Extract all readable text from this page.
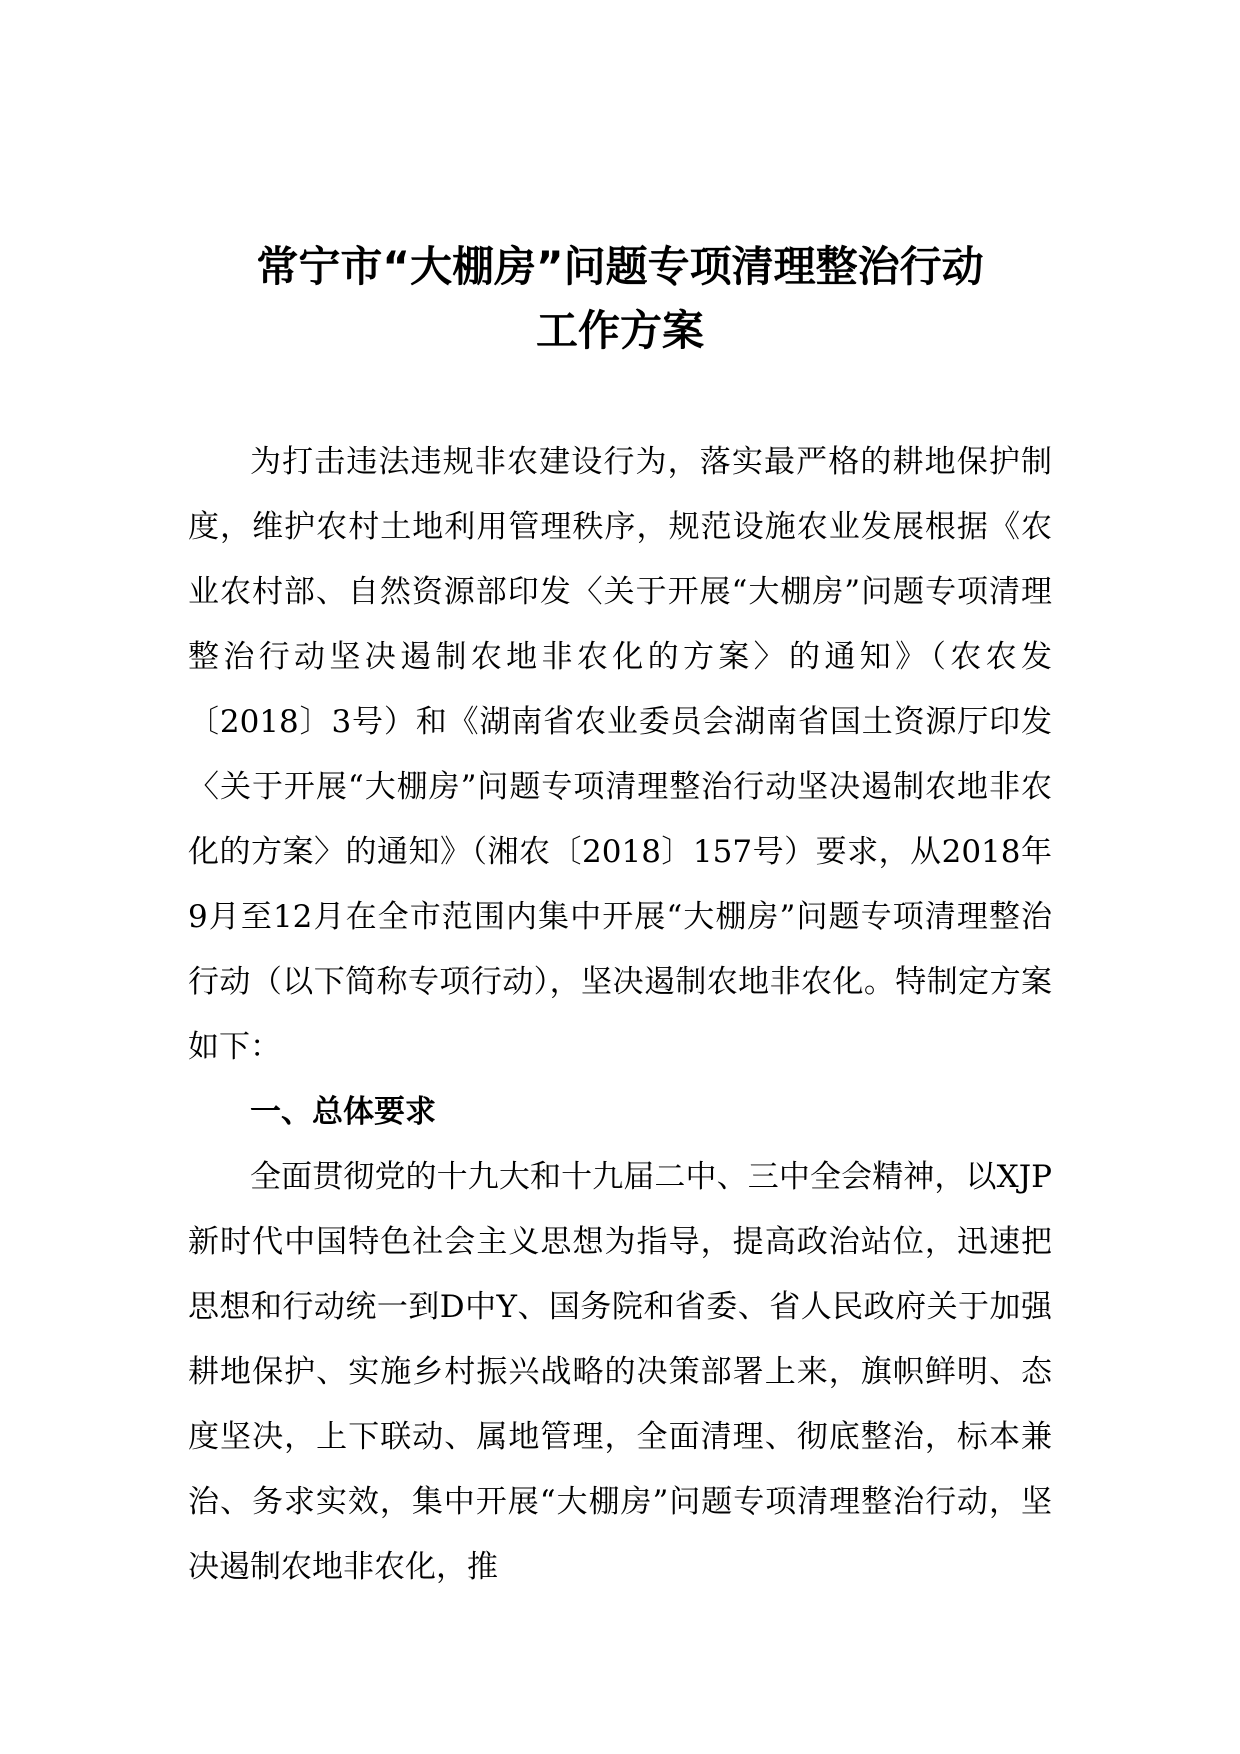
常宁市“大棚房”问题专项清理整治行动
工作方案

为打击违法违规非农建设行为，落实最严格的耕地保护制度，维护农村土地利用管理秩序，规范设施农业发展根据《农业农村部、自然资源部印发〈关于开展“大棚房”问题专项清理整治行动坚决遏制农地非农化的方案〉的通知》（农农发〔2018〕3号）和《湖南省农业委员会湖南省国土资源厅印发〈关于开展“大棚房”问题专项清理整治行动坚决遏制农地非农化的方案〉的通知》（湘农〔2018〕157号）要求，从2018年9月至12月在全市范围内集中开展“大棚房”问题专项清理整治行动（以下简称专项行动），坚决遏制农地非农化。特制定方案如下：

一、总体要求

全面贯彻党的十九大和十九届二中、三中全会精神，以XJP新时代中国特色社会主义思想为指导，提高政治站位，迅速把思想和行动统一到D中Y、国务院和省委、省人民政府关于加强耕地保护、实施乡村振兴战略的决策部署上来，旗帜鲜明、态度坚决，上下联动、属地管理，全面清理、彻底整治，标本兼治、务求实效，集中开展“大棚房”问题专项清理整治行动，坚决遏制农地非农化，推
